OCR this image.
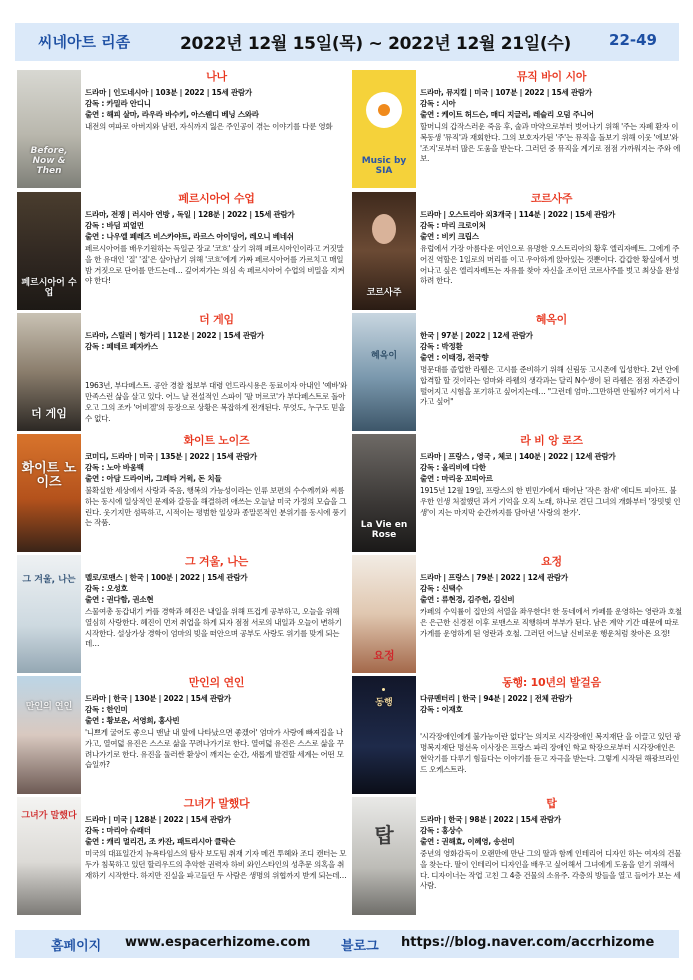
씨네아트 리좀	2022년 12월 15일(목) ~ 2022년 12월 21일(수)	22-49
Before, Now & Then
나나
드라마 | 인도네시아 | 103분 | 2022 | 15세 관람가
감독 : 카밀라 안디니
출연 : 해피 살마, 라우라 바수키, 아스웬디 베닝 스와라
내전의 여파로 아버지와 남편, 자식까지 잃은 주인공이 겪는 이야기를 다룬 영화
Music by SIA
뮤직 바이 시아
드라마, 뮤지컬 | 미국 | 107분 | 2022 | 15세 관람가
감독 : 시아
출연 : 케이트 허드슨, 매디 지글러, 레슬리 오덤 주니어
할머니의 갑작스러운 죽음 후, 술과 마약으로부터 벗어나기 위해 '주는 자폐 환자 이복동생 '뮤직'과 재회한다. 그의 보호자가된 '주'는 뮤직을 돌보기 위해 이웃 '에보'와 '조지'로부터 많은 도움을 받는다. 그러던 중 뮤직을 계기로 점점 가까워지는 주와 에보.
페르시아어 수업
페르시아어 수업
드라마, 전쟁 | 러시아 연방 , 독일 | 128분 | 2022 | 15세 관람가
감독 : 바딤 피얼먼
출연 : 나우엘 페레즈 비스카야트, 라르스 아이딩어, 레오니 베네쉬
페르시아어를 배우기원하는 독일군 장교 '코흐' 살기 위해 페르시아인이라고 거짓말을 한 유대인 '질' '질'은 살아남기 위해 '코흐'에게 가짜 페르시아어를 가르치고 매일 밤 거짓으로 단어를 만드는데… 깊어져가는 의심 속 페르시아어 수업의 비밀을 지켜야 한다!
코르사주
코르사주
드라마 | 오스트리아 외3개국 | 114분 | 2022 | 15세 관람가
감독 : 마리 크로이처
출연 : 비키 크립스
유럽에서 가장 아름다운 여인으로 유명한 오스트리아의 황후 엘리자베트. 그에게 주어진 역할은 1일로의 머리를 이고 우아하게 앉아있는 것뿐이다. 갑갑한 황실에서 벗어나고 싶은 엘리자베트는 자유를 찾아 자신을 조이던 코르사주를 벗고 최상을 완성하려 한다.
더 게임
더 게임
드라마, 스릴러 | 헝가리 | 112분 | 2022 | 15세 관람가
감독 : 페테르 페자카스
1963년, 부다페스트. 공안 경찰 첩보부 대령 언드라시용은 동료이자 아내인 '예바'와 만족스런 삶을 살고 있다. 어느 날 전설적인 스파이 '팔 머르코'가 부다페스트로 돌아오고 그의 조카 '어비겔'의 등장으로 상황은 복잡하게 전개된다. 무엇도, 누구도 믿을 수 없다.
혜옥이
혜옥이
한국 | 97분 | 2022 | 12세 관람가
감독 : 박정환
출연 : 이태경, 전국향
명문대를 졸업한 라웰은 고시를 준비하기 위해 신림동 고시촌에 입성한다. 2년 안에 합격할 할 것이라는 엄마와 라웰의 생각과는 달리 N수생이 된 라웰은 점점 자존감이 떨어지고 시험을 포기하고 싶어지는데… "그런데 엄마..그만하면 안될까? 여기서 나가고 싶어"
화이트 노이즈
화이트 노이즈
코미디, 드라마 | 미국 | 135분 | 2022 | 15세 관람가
감독 : 노아 바움백
출연 : 아담 드라이버, 그레타 거윅, 돈 치들
불확실한 세상에서 사랑과 죽음, 행복의 가능성이라는 인류 보편의 수수께끼와 씨름하는 동시에 일상적인 문제와 갈등을 해결하려 애쓰는 오늘날 미국 가정의 모습을 그린다. 웃기지만 섬뜩하고, 시적이는 평범한 일상과 종말론적인 분위기를 동시에 풍기는 작품.	La Vie en Rose
라 비 앙 로즈
드라마 | 프랑스 , 영국 , 체코 | 140분 | 2022 | 12세 관람가
감독 : 올리비에 다한
출연 : 마리옹 꼬띠아르
1915년 12월 19일, 프랑스의 한 빈민가에서 태어난 '작은 참새' 에디트 피아프. 불우한 인생 처절했던 과거 기억을 오직 노래, 하나로 견딘 그녀의 개화부터 '장밋빛 인생'이 지는 마지막 순간까지를 담아낸 '사랑의 찬가'.
그 겨울, 나는
그 겨울, 나는
멜로/로맨스 | 한국 | 100분 | 2022 | 15세 관람가
감독 : 오성호
출연 : 권다함, 권소현
스물여총 동갑내기 커플 경학과 혜진은 내일을 위해 뜨겁게 공부하고, 오늘을 위해 열심히 사랑한다. 혜진이 먼저 취업을 하게 되자 점점 서로의 내일과 오늘이 변하기 시작한다. 설상가상 경학이 엄마의 빚을 떠안으며 공부도 사랑도 위기를 맞게 되는데…
요정
요정
드라마 | 프랑스 | 79분 | 2022 | 12세 관람가
감독 : 신택수
출연 : 류현경, 김주헌, 김신비
카페의 수익률이 집안의 서열을 좌우한다! 한 동네에서 카페를 운영하는 영란과 호철은 은근한 신경전 이후 로맨스로 직행하며 부부가 된다. 남은 계약 기간 때문에 따로 가게를 운영하게 된 영란과 호철. 그러던 어느날 신비로운 행운처럼 찾아온 요정!
만인의 연인
만인의 연인
드라마 | 한국 | 130분 | 2022 | 15세 관람가
감독 : 한인미
출연 : 황보운, 서영희, 홍사빈
'니쁘게 굴어도 좋으니 맨날 내 앞에 나타났으면 좋겠어' 엄마가 사랑에 빠져집을 나가고, 열여덟 유진은 스스로 삶을 꾸려나가기로 한다. 열여덟 유진은 스스로 삶을 꾸려나가기로 한다. 유진을 둘러싼 환상이 깨지는 순간, 새롭게 발견할 세계는 어떤 모습일까?
동행
동행: 10년의 발걸음
다큐멘터리 | 한국 | 94분 | 2022 | 전체 관람가
감독 : 이재호
'시각장애인에게 불가능이란 없다'는 의지로 시각장애인 복지재단 을 이끌고 있던 광명복지재단 명선옥 이사장은 프랑스 파리 장애인 학교 학장으로부터 시각장애인은 현악기를 다루기 힘들다는 이야기를 듣고 자극을 받는다. 그렇게 시작된 해광브라인드 오케스트라.
그녀가 말했다
그녀가 말했다
드라마 | 미국 | 128분 | 2022 | 15세 관람가
감독 : 마리아 슈래더
출연 : 캐리 멀리건, 조 카잔, 패트리시아 클락슨
미국의 대표일간지 뉴욕타임스의 탐사 보도팀 취재 기자 메건 투헤와 조디 캔터는 모두가 침묵하고 있던 할리우드의 추악한 권력자 하비 와인스타인의 성추문 의혹을 취재하기 시작한다. 하지만 진실을 파고들던 두 사람은 생명의 위협까지 받게 되는데…
탑
탑
드라마 | 한국 | 98분 | 2022 | 15세 관람가
감독 : 홍상수
출연 : 권해효, 이혜영, 송선미
중년의 영화감독이 오랜만에 만난 그의 딸과 함께 인테리어 디자인 하는 여자의 건물을 찾는다. 딸이 인테리어 디자인을 배우고 싶어해서 그녀에게 도움을 얻기 위해서다. 디자이너는 작업 고친 그 4층 건물의 소유주. 각층의 방들을 열고 들어가 보는 세 사람.
홈페이지 www.espacerhizome.com 블로그 https://blog.naver.com/accrhizome
